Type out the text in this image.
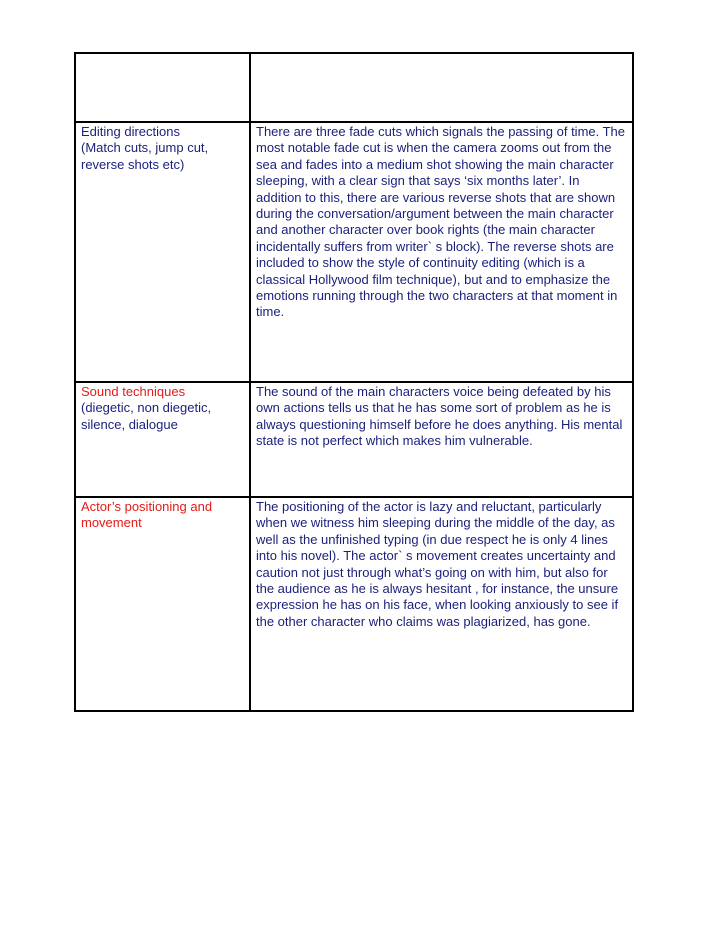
Editing directions
(Match cuts, jump cut, reverse shots etc)	There are three fade cuts which signals the passing of time. The most notable fade cut is when the camera zooms out from the sea and fades into a medium shot showing the main character sleeping, with a clear sign that says ‘six months later’. In addition to this, there are various reverse shots that are shown during the conversation/argument between the main character and another character over book rights (the main character incidentally suffers from writer` s block). The reverse shots are included to show the style of continuity editing (which is a classical Hollywood film technique), but and to emphasize the emotions running through the two characters at that moment in time.

Sound techniques
(diegetic, non diegetic, silence, dialogue	The sound of the main characters voice being defeated by his own actions tells us that he has some sort of problem as he is always questioning himself before he does anything. His mental state is not perfect which makes him vulnerable.

Actor’s positioning and movement	The positioning of the actor is lazy and reluctant, particularly when we witness him sleeping during the middle of the day, as well as the unfinished typing (in due respect he is only 4 lines into his novel). The actor` s movement creates uncertainty and caution not just through what’s going on with him, but also for the audience as he is always hesitant , for instance, the unsure expression he has on his face, when looking anxiously to see if the other character who claims was plagiarized, has gone.
